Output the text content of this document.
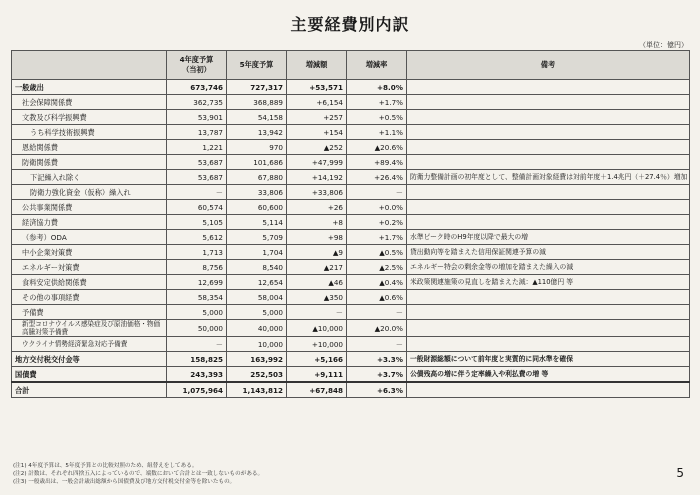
主要経費別内訳
（単位：億円）
	4年度予算
（当初）	5年度予算	増減額	増減率	備考
一般歳出	673,746	727,317	+53,571	+8.0%	
社会保障関係費	362,735	368,889	+6,154	+1.7%	
文教及び科学振興費	53,901	54,158	+257	+0.5%	
うち科学技術振興費	13,787	13,942	+154	+1.1%	
恩給関係費	1,221	970	▲252	▲20.6%	
防衛関係費	53,687	101,686	+47,999	+89.4%	
下記繰入れ除く	53,687	67,880	+14,192	+26.4%	防衛力整備計画の初年度として、整備計画対象経費は対前年度＋1.4兆円（＋27.4％）増加
防衛力強化資金（仮称）繰入れ	－	33,806	+33,806	－	
公共事業関係費	60,574	60,600	+26	+0.0%	
経済協力費	5,105	5,114	+8	+0.2%	
（参考）ODA	5,612	5,709	+98	+1.7%	水準ピーク時のH9年度以降で最大の増
中小企業対策費	1,713	1,704	▲9	▲0.5%	貸出動向等を踏まえた信用保証関連予算の減
エネルギー対策費	8,756	8,540	▲217	▲2.5%	エネルギー特会の剰余金等の増加を踏まえた繰入の減
食料安定供給関係費	12,699	12,654	▲46	▲0.4%	米政策関連施策の見直しを踏まえた減：▲110億円 等
その他の事項経費	58,354	58,004	▲350	▲0.6%	
予備費	5,000	5,000	－	－	
新型コロナウイルス感染症及び原油価格・物価高騰対策予備費	50,000	40,000	▲10,000	▲20.0%	
ウクライナ情勢経済緊急対応予備費	－	10,000	+10,000	－	
地方交付税交付金等	158,825	163,992	+5,166	+3.3%	一般財源総額について前年度と実質的に同水準を確保
国債費	243,393	252,503	+9,111	+3.7%	公債残高の増に伴う定率繰入や利払費の増 等
合計	1,075,964	1,143,812	+67,848	+6.3%	
(注1) 4年度予算は、5年度予算との比較対照のため、組替えをしてある。
(注2) 計数は、それぞれ四捨五入によっているので、端数において合計とは一致しないものがある。
(注3) 一般歳出は、一般会計歳出総額から国債費及び地方交付税交付金等を除いたもの。
5
